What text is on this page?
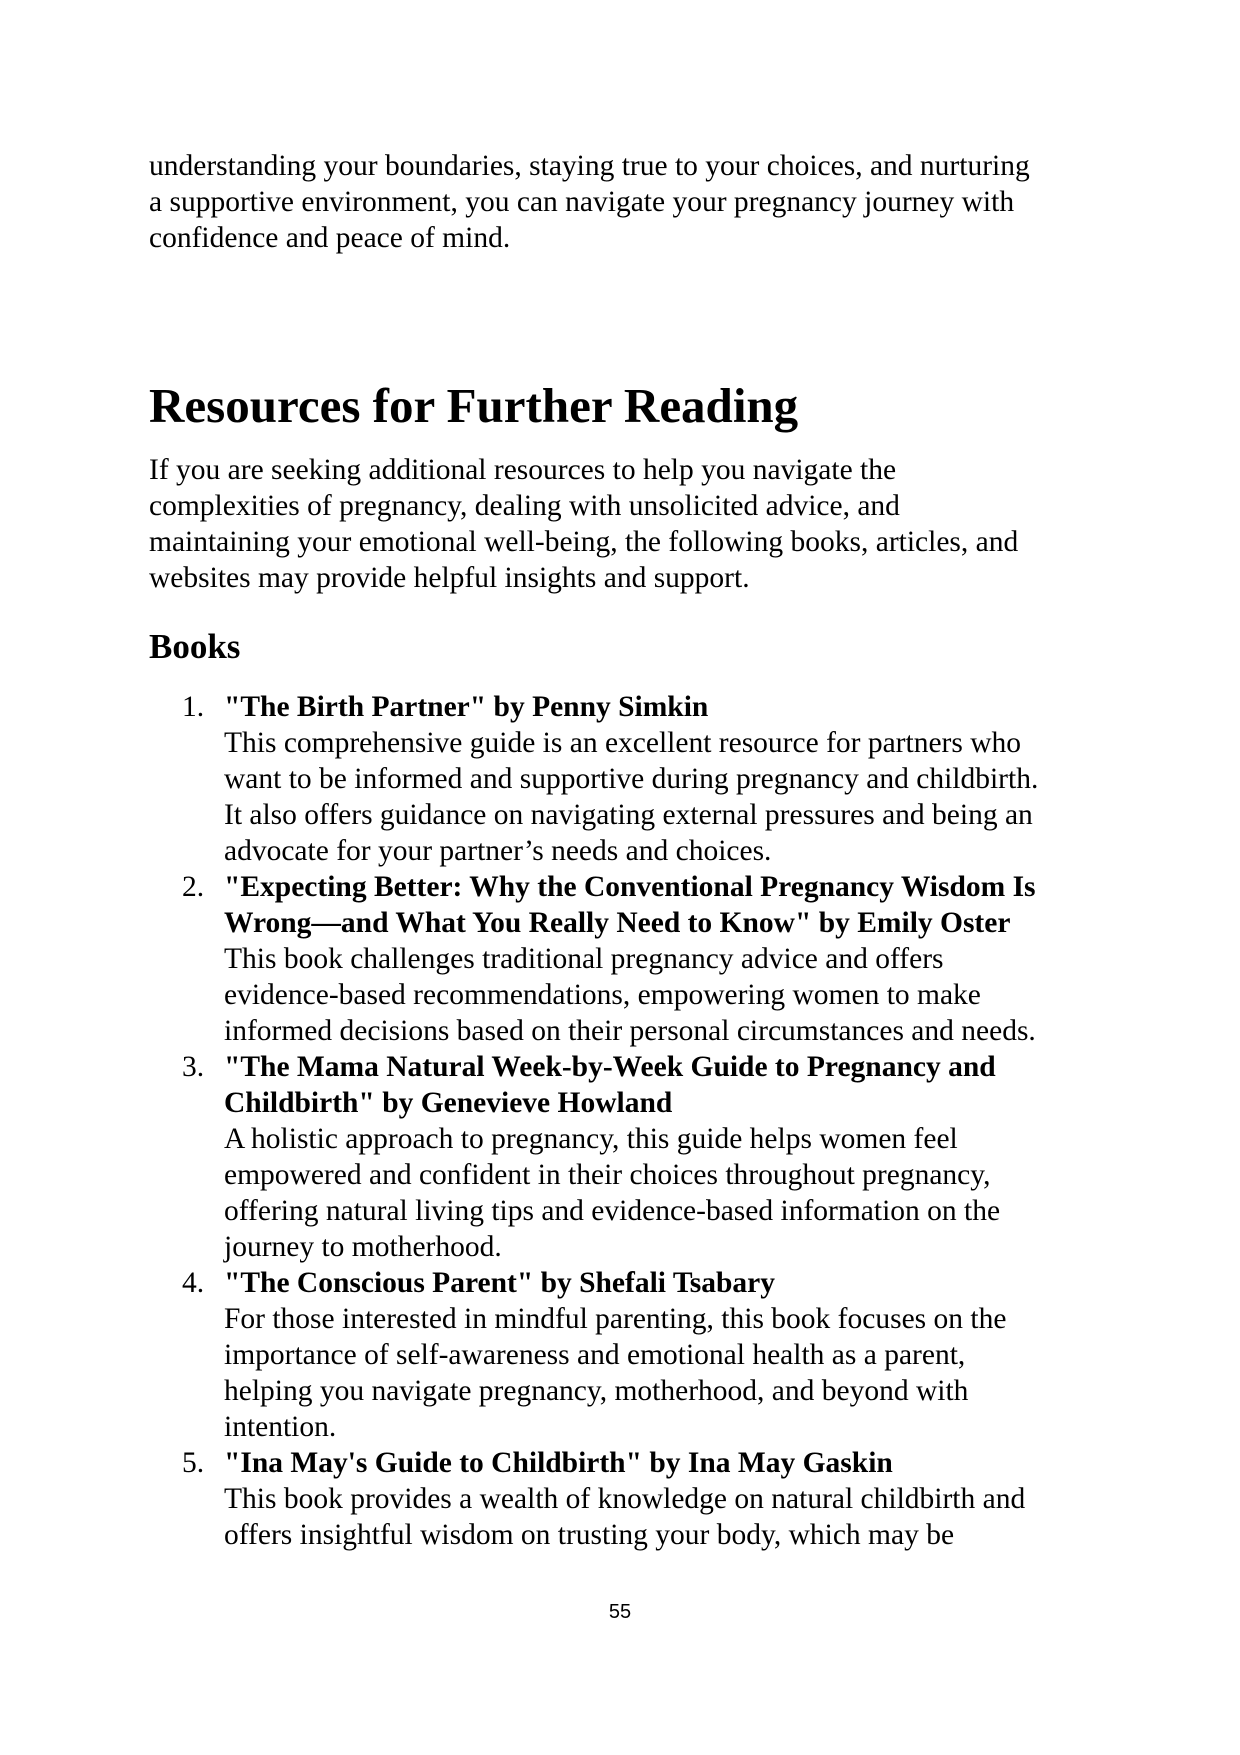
understanding your boundaries, staying true to your choices, and nurturing
a supportive environment, you can navigate your pregnancy journey with
confidence and peace of mind.

Resources for Further Reading

If you are seeking additional resources to help you navigate the
complexities of pregnancy, dealing with unsolicited advice, and
maintaining your emotional well-being, the following books, articles, and
websites may provide helpful insights and support.

Books
1. "The Birth Partner" by Penny Simkin
This comprehensive guide is an excellent resource for partners who
want to be informed and supportive during pregnancy and childbirth.
It also offers guidance on navigating external pressures and being an
advocate for your partner’s needs and choices.
2. "Expecting Better: Why the Conventional Pregnancy Wisdom Is
Wrong—and What You Really Need to Know" by Emily Oster
This book challenges traditional pregnancy advice and offers
evidence-based recommendations, empowering women to make
informed decisions based on their personal circumstances and needs.
3. "The Mama Natural Week-by-Week Guide to Pregnancy and
Childbirth" by Genevieve Howland
A holistic approach to pregnancy, this guide helps women feel
empowered and confident in their choices throughout pregnancy,
offering natural living tips and evidence-based information on the
journey to motherhood.
4. "The Conscious Parent" by Shefali Tsabary
For those interested in mindful parenting, this book focuses on the
importance of self-awareness and emotional health as a parent,
helping you navigate pregnancy, motherhood, and beyond with
intention.
5. "Ina May's Guide to Childbirth" by Ina May Gaskin
This book provides a wealth of knowledge on natural childbirth and
offers insightful wisdom on trusting your body, which may be
55
